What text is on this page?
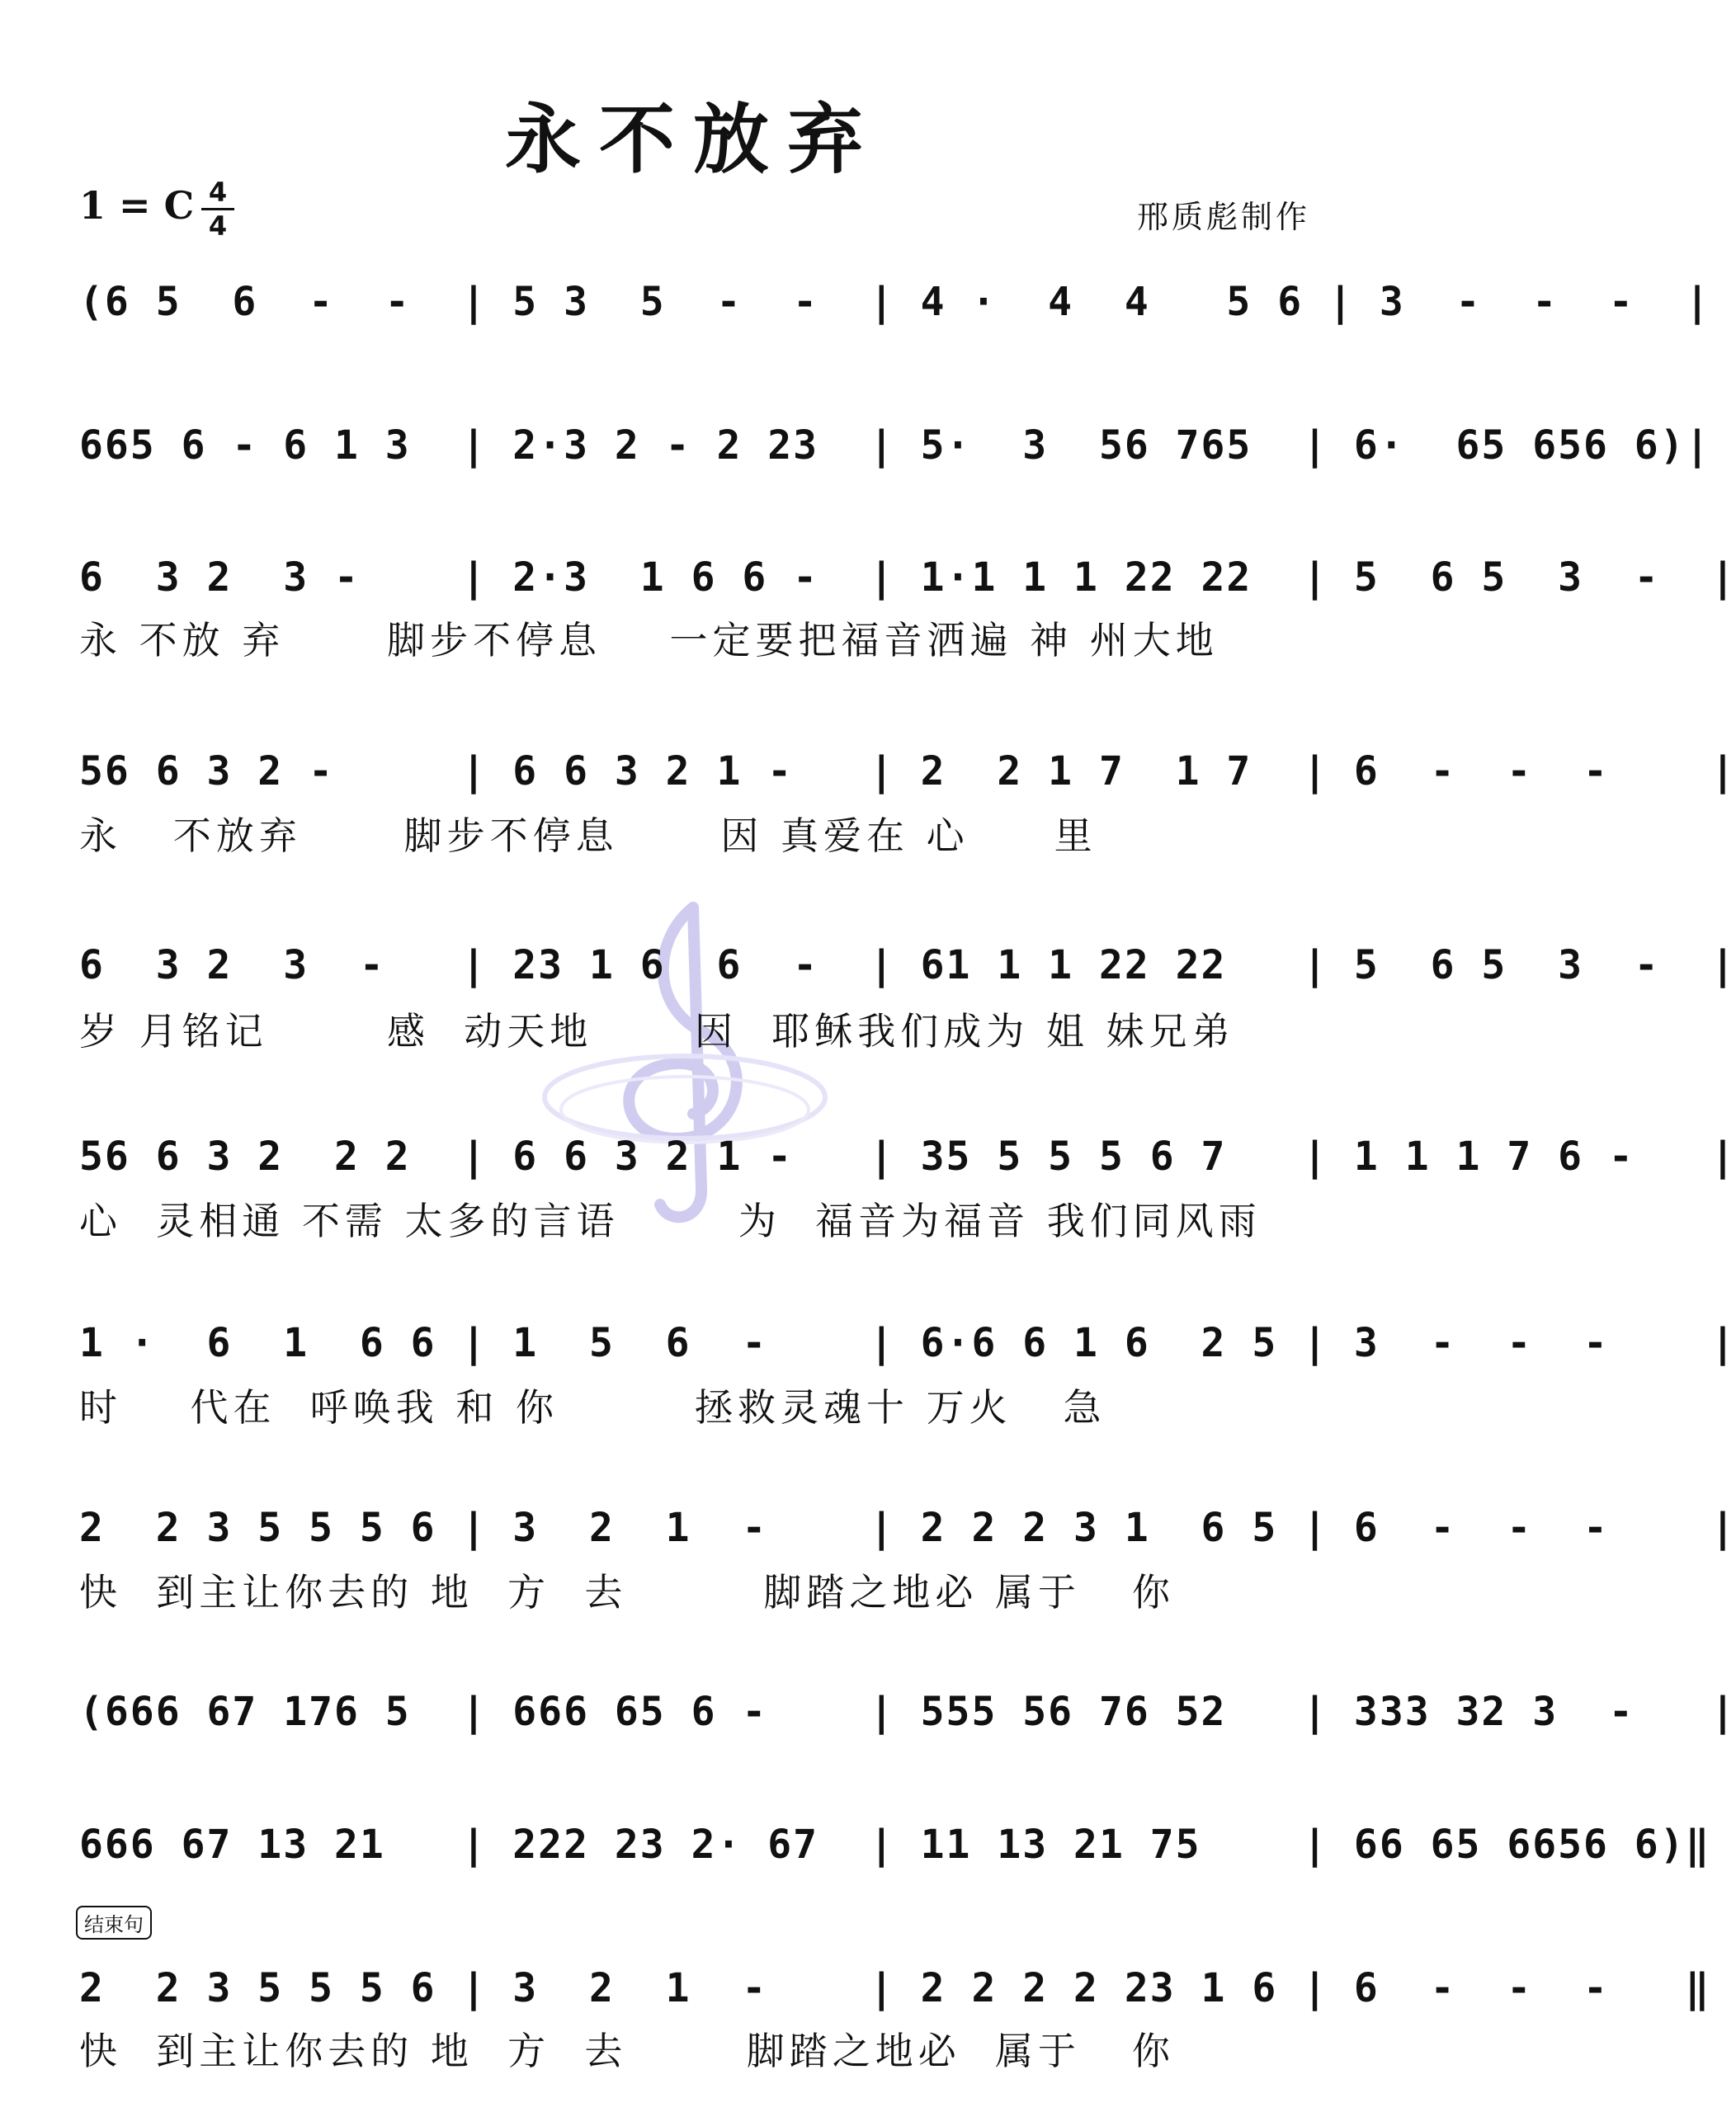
永不放弃
1 = C 4
4	邢质彪制作
(6 5  6  -  -  | 5 3  5  -  -  | 4 ·  4  4   5 6 | 3  -  -  -  |
665 6 - 6 1 3  | 2·3 2 - 2 23  | 5·  3  56 765  | 6·  65 656 6)|
6  3 2  3 -    | 2·3  1 6 6 -  | 1·1 1 1 22 22  | 5  6 5  3  -  |
永 不放 弃      脚步不停息    一定要把福音洒遍 神 州大地
56 6 3 2 -     | 6 6 3 2 1 -   | 2  2 1 7  1 7  | 6  -  -  -    |
永   不放弃      脚步不停息      因 真爱在 心     里
6  3 2  3  -   | 23 1 6  6  -  | 61 1 1 22 22   | 5  6 5  3  -  |
岁 月铭记       感  动天地      因  耶稣我们成为 姐 妹兄弟
56 6 3 2  2 2  | 6 6 3 2 1 -   | 35 5 5 5 6 7   | 1 1 1 7 6 -   |
心  灵相通 不需 太多的言语       为  福音为福音 我们同风雨
1 ·  6  1  6 6 | 1  5  6  -    | 6·6 6 1 6  2 5 | 3  -  -  -    |
时    代在  呼唤我 和 你        拯救灵魂十 万火   急
2  2 3 5 5 5 6 | 3  2  1  -    | 2 2 2 3 1  6 5 | 6  -  -  -    |
快  到主让你去的 地  方  去        脚踏之地必 属于   你
(666 67 176 5  | 666 65 6 -    | 555 56 76 52   | 333 32 3  -   |
666 67 13 21   | 222 23 2· 67  | 11 13 21 75    | 66 65 6656 6)‖
结束句
2  2 3 5 5 5 6 | 3  2  1  -    | 2 2 2 2 23 1 6 | 6  -  -  -   ‖
快  到主让你去的 地  方  去       脚踏之地必  属于   你
